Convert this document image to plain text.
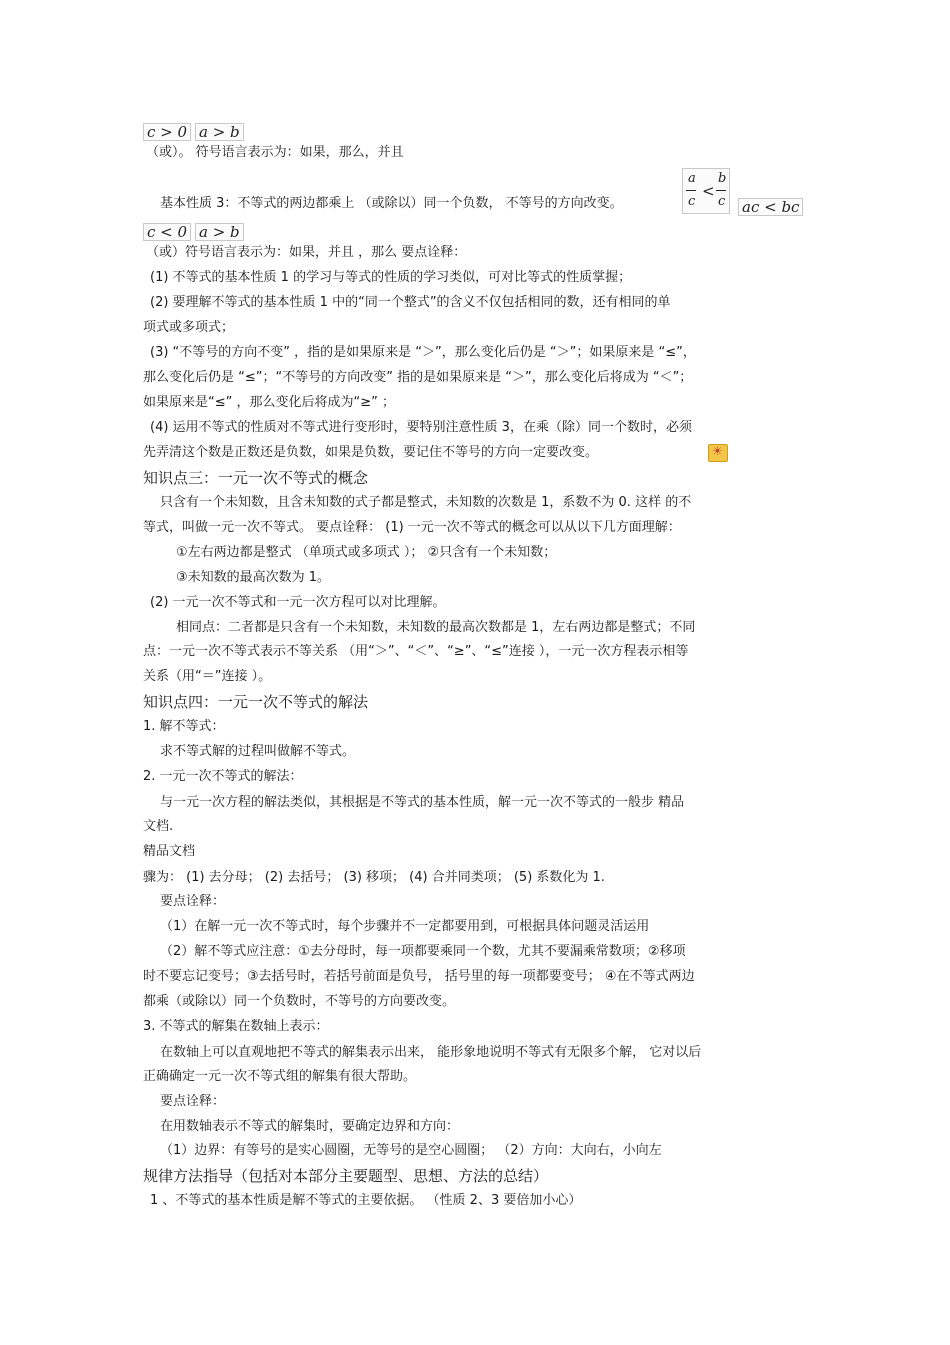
c > 0 a > b
a
c
<
b
c ac < bc
c < 0 a > b
（或）。 符号语言表示为：如果，那么，并且
基本性质 3：不等式的两边都乘上 （或除以）同一个负数， 不等号的方向改变。
（或）符号语言表示为：如果，并且 ，那么 要点诠释：
(1) 不等式的基本性质 1 的学习与等式的性质的学习类似，可对比等式的性质掌握；
(2) 要理解不等式的基本性质 1 中的“同一个整式”的含义不仅包括相同的数，还有相同的单
项式或多项式；
(3) “不等号的方向不变” ，指的是如果原来是 “＞”，那么变化后仍是 “＞”；如果原来是 “≤”，
那么变化后仍是 “≤”；“不等号的方向改变” 指的是如果原来是 “＞”，那么变化后将成为 “＜”；
如果原来是“≤” ，那么变化后将成为“≥” ；
(4) 运用不等式的性质对不等式进行变形时，要特别注意性质 3，在乘（除）同一个数时，必须
先弄清这个数是正数还是负数，如果是负数，要记住不等号的方向一定要改变。
☀
知识点三：一元一次不等式的概念
只含有一个未知数，且含未知数的式子都是整式，未知数的次数是 1，系数不为 0. 这样 的不
等式，叫做一元一次不等式。 要点诠释： (1) 一元一次不等式的概念可以从以下几方面理解：
①左右两边都是整式 （单项式或多项式 ）； ②只含有一个未知数；
③未知数的最高次数为 1。
(2) 一元一次不等式和一元一次方程可以对比理解。
相同点：二者都是只含有一个未知数，未知数的最高次数都是 1，左右两边都是整式；不同
点：一元一次不等式表示不等关系 （用“＞”、“＜”、“≥”、“≤”连接 ），一元一次方程表示相等
关系（用“＝”连接 ）。
知识点四：一元一次不等式的解法
1. 解不等式：
求不等式解的过程叫做解不等式。
2. 一元一次不等式的解法：
与一元一次方程的解法类似，其根据是不等式的基本性质，解一元一次不等式的一般步 精品
文档.
精品文档
骤为： (1) 去分母； (2) 去括号； (3) 移项； (4) 合并同类项； (5) 系数化为 1.
要点诠释：
（1）在解一元一次不等式时，每个步骤并不一定都要用到，可根据具体问题灵活运用
（2）解不等式应注意：①去分母时，每一项都要乘同一个数，尤其不要漏乘常数项；②移项
时不要忘记变号；③去括号时，若括号前面是负号， 括号里的每一项都要变号； ④在不等式两边
都乘（或除以）同一个负数时，不等号的方向要改变。
3. 不等式的解集在数轴上表示：
在数轴上可以直观地把不等式的解集表示出来， 能形象地说明不等式有无限多个解， 它对以后
正确确定一元一次不等式组的解集有很大帮助。
要点诠释：
在用数轴表示不等式的解集时，要确定边界和方向：
（1）边界：有等号的是实心圆圈，无等号的是空心圆圈； （2）方向：大向右，小向左
规律方法指导（包括对本部分主要题型、思想、方法的总结）
1 、不等式的基本性质是解不等式的主要依据。 （性质 2、3 要倍加小心）
